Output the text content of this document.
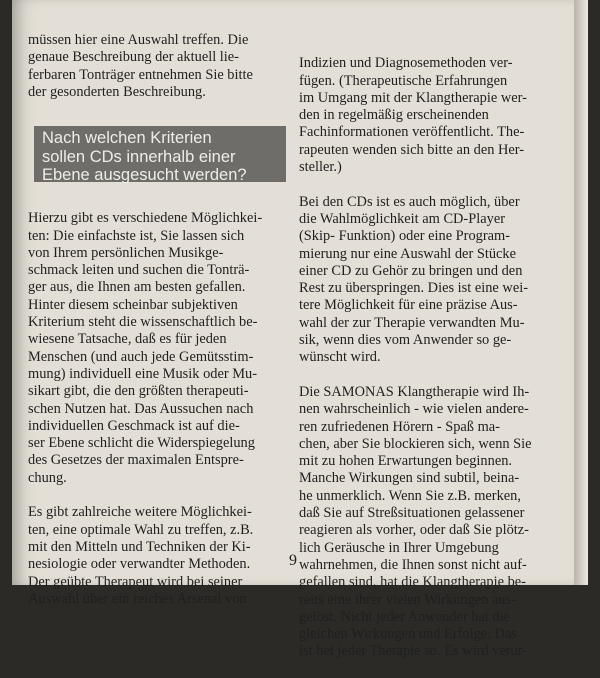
müssen hier eine Auswahl treffen. Die
genaue Beschreibung der aktuell lie-
ferbaren Tonträger entnehmen Sie bitte
der gesonderten Beschreibung.
Nach welchen Kriterien
sollen CDs innerhalb einer
Ebene ausgesucht werden?

Hierzu gibt es verschiedene Möglichkei-
ten: Die einfachste ist, Sie lassen sich
von Ihrem persönlichen Musikge-
schmack leiten und suchen die Tonträ-
ger aus, die Ihnen am besten gefallen.
Hinter diesem scheinbar subjektiven
Kriterium steht die wissenschaftlich be-
wiesene Tatsache, daß es für jeden
Menschen (und auch jede Gemütsstim-
mung) individuell eine Musik oder Mu-
sikart gibt, die den größten therapeuti-
schen Nutzen hat. Das Aussuchen nach
individuellen Geschmack ist auf die-
ser Ebene schlicht die Widerspiegelung
des Gesetzes der maximalen Entspre-
chung.

Es gibt zahlreiche weitere Möglichkei-
ten, eine optimale Wahl zu treffen, z.B.
mit den Mitteln und Techniken der Ki-
nesiologie oder verwandter Methoden.
Der geübte Therapeut wird bei seiner
Auswahl über ein reiches Arsenal von

Indizien und Diagnosemethoden ver-
fügen. (Therapeutische Erfahrungen
im Umgang mit der Klangtherapie wer-
den in regelmäßig erscheinenden
Fachinformationen veröffentlicht. The-
rapeuten wenden sich bitte an den Her-
steller.)

Bei den CDs ist es auch möglich, über
die Wahlmöglichkeit am CD-Player
(Skip- Funktion) oder eine Program-
mierung nur eine Auswahl der Stücke
einer CD zu Gehör zu bringen und den
Rest zu überspringen. Dies ist eine wei-
tere Möglichkeit für eine präzise Aus-
wahl der zur Therapie verwandten Mu-
sik, wenn dies vom Anwender so ge-
wünscht wird.

Die SAMONAS Klangtherapie wird Ih-
nen wahrscheinlich - wie vielen andere-
ren zufriedenen Hörern - Spaß ma-
chen, aber Sie blockieren sich, wenn Sie
mit zu hohen Erwartungen beginnen.
Manche Wirkungen sind subtil, beina-
he unmerklich. Wenn Sie z.B. merken,
daß Sie auf Streßsituationen gelassener
reagieren als vorher, oder daß Sie plötz-
lich Geräusche in Ihrer Umgebung
wahrnehmen, die Ihnen sonst nicht auf-
gefallen sind, hat die Klangtherapie be-
reits eine ihrer vielen Wirkungen aus-
gelöst. Nicht jeder Anwender hat die
gleichen Wirkungen und Erfolge. Das
ist bei jeder Therapie so. Es wird verur-

9
